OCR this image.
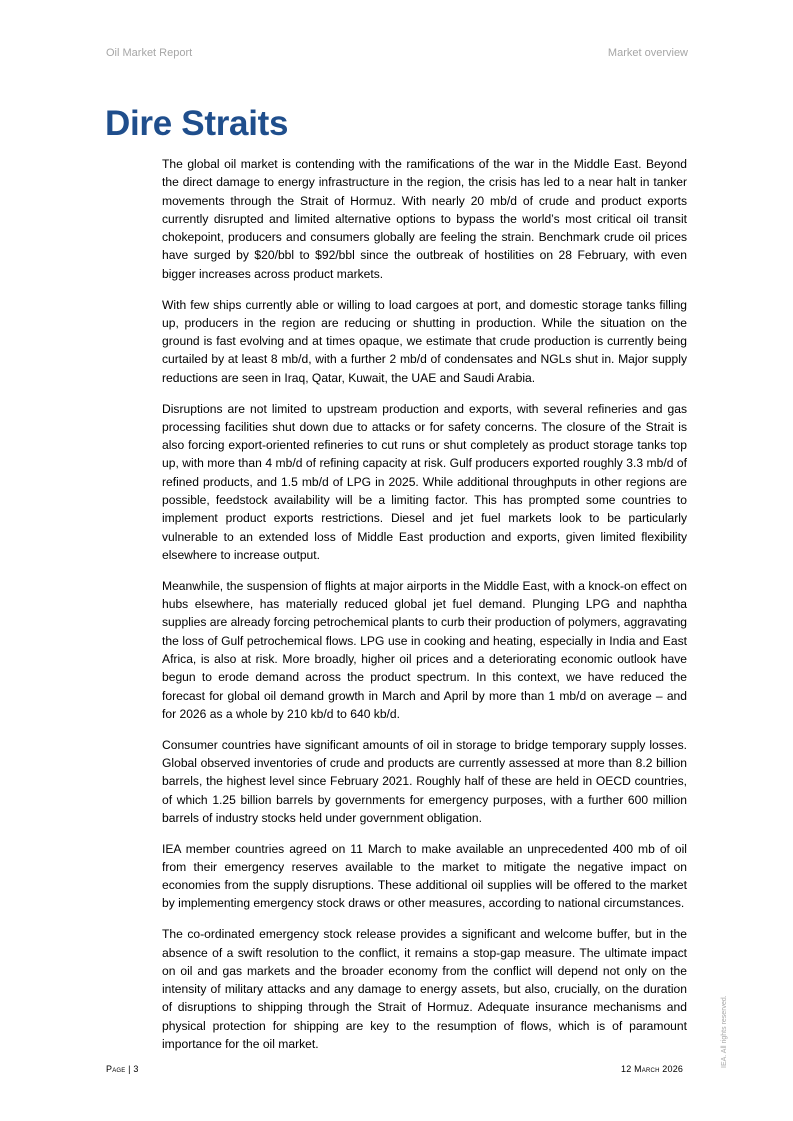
Oil Market Report	Market overview
Dire Straits

The global oil market is contending with the ramifications of the war in the Middle East. Beyond the direct damage to energy infrastructure in the region, the crisis has led to a near halt in tanker movements through the Strait of Hormuz. With nearly 20 mb/d of crude and product exports currently disrupted and limited alternative options to bypass the world’s most critical oil transit chokepoint, producers and consumers globally are feeling the strain. Benchmark crude oil prices have surged by $20/bbl to $92/bbl since the outbreak of hostilities on 28 February, with even bigger increases across product markets.

With few ships currently able or willing to load cargoes at port, and domestic storage tanks filling up, producers in the region are reducing or shutting in production. While the situation on the ground is fast evolving and at times opaque, we estimate that crude production is currently being curtailed by at least 8 mb/d, with a further 2 mb/d of condensates and NGLs shut in. Major supply reductions are seen in Iraq, Qatar, Kuwait, the UAE and Saudi Arabia.

Disruptions are not limited to upstream production and exports, with several refineries and gas processing facilities shut down due to attacks or for safety concerns. The closure of the Strait is also forcing export-oriented refineries to cut runs or shut completely as product storage tanks top up, with more than 4 mb/d of refining capacity at risk. Gulf producers exported roughly 3.3 mb/d of refined products, and 1.5 mb/d of LPG in 2025. While additional throughputs in other regions are possible, feedstock availability will be a limiting factor. This has prompted some countries to implement product exports restrictions. Diesel and jet fuel markets look to be particularly vulnerable to an extended loss of Middle East production and exports, given limited flexibility elsewhere to increase output.

Meanwhile, the suspension of flights at major airports in the Middle East, with a knock-on effect on hubs elsewhere, has materially reduced global jet fuel demand. Plunging LPG and naphtha supplies are already forcing petrochemical plants to curb their production of polymers, aggravating the loss of Gulf petrochemical flows. LPG use in cooking and heating, especially in India and East Africa, is also at risk. More broadly, higher oil prices and a deteriorating economic outlook have begun to erode demand across the product spectrum. In this context, we have reduced the forecast for global oil demand growth in March and April by more than 1 mb/d on average – and for 2026 as a whole by 210 kb/d to 640 kb/d.

Consumer countries have significant amounts of oil in storage to bridge temporary supply losses. Global observed inventories of crude and products are currently assessed at more than 8.2 billion barrels, the highest level since February 2021. Roughly half of these are held in OECD countries, of which 1.25 billion barrels by governments for emergency purposes, with a further 600 million barrels of industry stocks held under government obligation.

IEA member countries agreed on 11 March to make available an unprecedented 400 mb of oil from their emergency reserves available to the market to mitigate the negative impact on economies from the supply disruptions. These additional oil supplies will be offered to the market by implementing emergency stock draws or other measures, according to national circumstances.

The co-ordinated emergency stock release provides a significant and welcome buffer, but in the absence of a swift resolution to the conflict, it remains a stop-gap measure. The ultimate impact on oil and gas markets and the broader economy from the conflict will depend not only on the intensity of military attacks and any damage to energy assets, but also, crucially, on the duration of disruptions to shipping through the Strait of Hormuz. Adequate insurance mechanisms and physical protection for shipping are key to the resumption of flows, which is of paramount importance for the oil market.

Page | 3	12 March 2026
IEA. All rights reserved.
